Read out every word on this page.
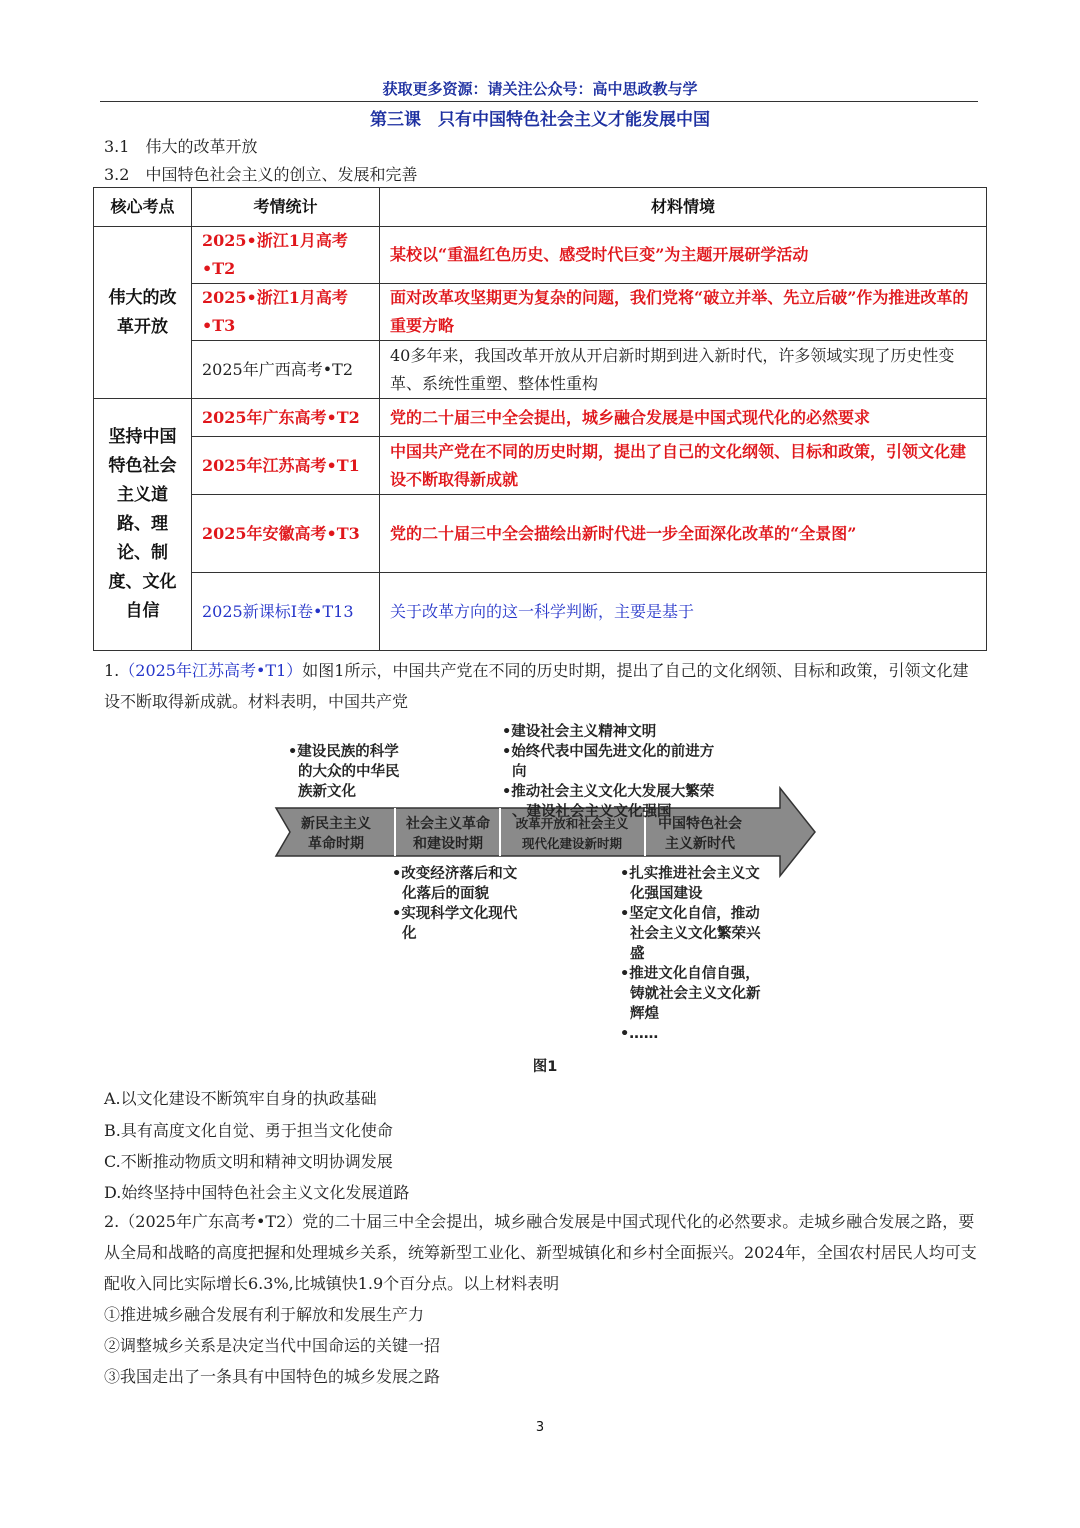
获取更多资源：请关注公众号：高中思政教与学
第三课　只有中国特色社会主义才能发展中国
3.1　伟大的改革开放
3.2　中国特色社会主义的创立、发展和完善
核心考点	考情统计	材料情境
伟大的改革开放	2025•浙江1月高考•T2	某校以“重温红色历史、感受时代巨变”为主题开展研学活动
	2025•浙江1月高考•T3	面对改革攻坚期更为复杂的问题，我们党将“破立并举、先立后破”作为推进改革的重要方略
	2025年广西高考•T2	40多年来，我国改革开放从开启新时期到进入新时代，许多领域实现了历史性变革、系统性重塑、整体性重构
坚持中国特色社会主义道路、理论、制度、文化自信	2025年广东高考•T2	党的二十届三中全会提出，城乡融合发展是中国式现代化的必然要求
	2025年江苏高考•T1	中国共产党在不同的历史时期，提出了自己的文化纲领、目标和政策，引领文化建设不断取得新成就
	2025年安徽高考•T3	党的二十届三中全会描绘出新时代进一步全面深化改革的“全景图”
	2025新课标Ⅰ卷•T13	关于改革方向的这一科学判断，主要是基于
1.（2025年江苏高考•T1）如图1所示，中国共产党在不同的历史时期，提出了自己的文化纲领、目标和政策，引领文化建设不断取得新成就。材料表明，中国共产党
•建设民族的科学
的大众的中华民
族新文化
•建设社会主义精神文明
•始终代表中国先进文化的前进方
向
•推动社会主义文化大发展大繁荣
、建设社会主义文化强国
•改变经济落后和文
化落后的面貌
•实现科学文化现代
化
•扎实推进社会主义文
化强国建设
•坚定文化自信，推动
社会主义文化繁荣兴
盛
•推进文化自信自强，
铸就社会主义文化新
辉煌
•……
新民主主义
革命时期
社会主义革命
和建设时期
改革开放和社会主义
现代化建设新时期
中国特色社会
主义新时代
图1
A.以文化建设不断筑牢自身的执政基础
B.具有高度文化自觉、勇于担当文化使命
C.不断推动物质文明和精神文明协调发展
D.始终坚持中国特色社会主义文化发展道路
2.（2025年广东高考•T2）党的二十届三中全会提出，城乡融合发展是中国式现代化的必然要求。走城乡融合发展之路，要从全局和战略的高度把握和处理城乡关系，统筹新型工业化、新型城镇化和乡村全面振兴。2024年，全国农村居民人均可支配收入同比实际增长6.3%,比城镇快1.9个百分点。以上材料表明
①推进城乡融合发展有利于解放和发展生产力
②调整城乡关系是决定当代中国命运的关键一招
③我国走出了一条具有中国特色的城乡发展之路
3
